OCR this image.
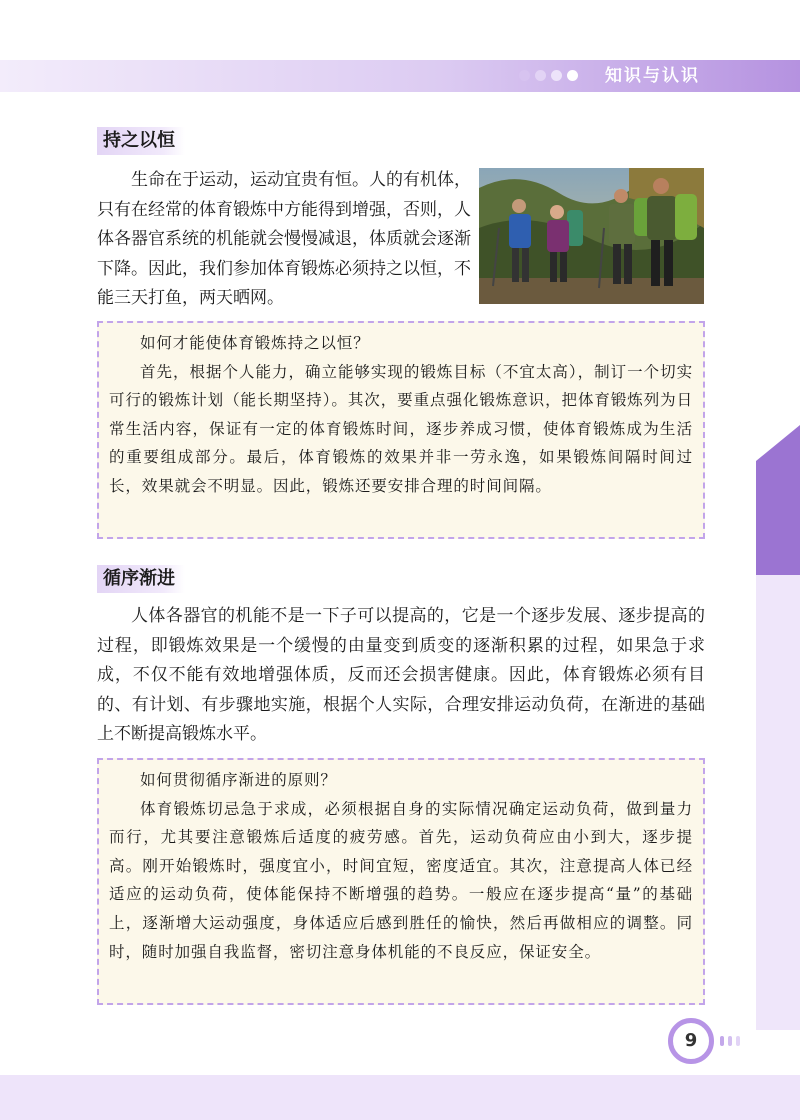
知识与认识
持之以恒

生命在于运动，运动宜贵有恒。人的有机体，只有在经常的体育锻炼中方能得到增强，否则，人体各器官系统的机能就会慢慢减退，体质就会逐渐下降。因此，我们参加体育锻炼必须持之以恒，不能三天打鱼，两天晒网。

如何才能使体育锻炼持之以恒？

首先，根据个人能力，确立能够实现的锻炼目标（不宜太高），制订一个切实可行的锻炼计划（能长期坚持）。其次，要重点强化锻炼意识，把体育锻炼列为日常生活内容，保证有一定的体育锻炼时间，逐步养成习惯，使体育锻炼成为生活的重要组成部分。最后，体育锻炼的效果并非一劳永逸，如果锻炼间隔时间过长，效果就会不明显。因此，锻炼还要安排合理的时间间隔。

循序渐进

人体各器官的机能不是一下子可以提高的，它是一个逐步发展、逐步提高的过程，即锻炼效果是一个缓慢的由量变到质变的逐渐积累的过程，如果急于求成，不仅不能有效地增强体质，反而还会损害健康。因此，体育锻炼必须有目的、有计划、有步骤地实施，根据个人实际，合理安排运动负荷，在渐进的基础上不断提高锻炼水平。

如何贯彻循序渐进的原则？

体育锻炼切忌急于求成，必须根据自身的实际情况确定运动负荷，做到量力而行，尤其要注意锻炼后适度的疲劳感。首先，运动负荷应由小到大，逐步提高。刚开始锻炼时，强度宜小，时间宜短，密度适宜。其次，注意提高人体已经适应的运动负荷，使体能保持不断增强的趋势。一般应在逐步提高“量”的基础上，逐渐增大运动强度，身体适应后感到胜任的愉快，然后再做相应的调整。同时，随时加强自我监督，密切注意身体机能的不良反应，保证安全。

9
